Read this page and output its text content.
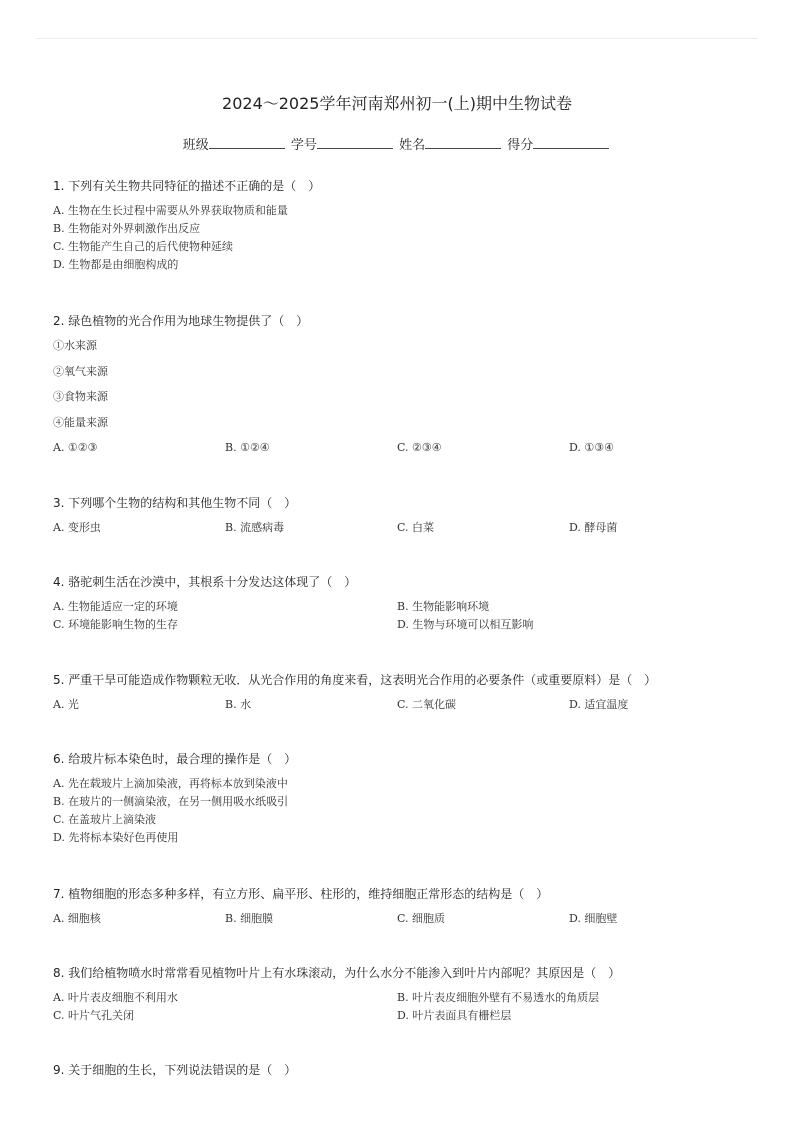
2024～2025学年河南郑州初一(上)期中生物试卷
班级	学号	姓名	得分
1. 下列有关生物共同特征的描述不正确的是（　）
A. 生物在生长过程中需要从外界获取物质和能量
B. 生物能对外界刺激作出反应
C. 生物能产生自己的后代使物种延续
D. 生物都是由细胞构成的
2. 绿色植物的光合作用为地球生物提供了（　）
①水来源
②氧气来源
③食物来源
④能量来源
A. ①②③	B. ①②④	C. ②③④	D. ①③④
3. 下列哪个生物的结构和其他生物不同（　）
A. 变形虫	B. 流感病毒	C. 白菜	D. 酵母菌
4. 骆驼刺生活在沙漠中，其根系十分发达这体现了（　）
A. 生物能适应一定的环境	B. 生物能影响环境
C. 环境能影响生物的生存	D. 生物与环境可以相互影响
5. 严重干旱可能造成作物颗粒无收．从光合作用的角度来看，这表明光合作用的必要条件（或重要原料）是（　）
A. 光	B. 水	C. 二氧化碳	D. 适宜温度
6. 给玻片标本染色时，最合理的操作是（　）
A. 先在载玻片上滴加染液，再将标本放到染液中
B. 在玻片的一侧滴染液，在另一侧用吸水纸吸引
C. 在盖玻片上滴染液
D. 先将标本染好色再使用
7. 植物细胞的形态多种多样，有立方形、扁平形、柱形的，维持细胞正常形态的结构是（　）
A. 细胞核	B. 细胞膜	C. 细胞质	D. 细胞壁
8. 我们给植物喷水时常常看见植物叶片上有水珠滚动，为什么水分不能渗入到叶片内部呢？其原因是（　）
A. 叶片表皮细胞不利用水	B. 叶片表皮细胞外壁有不易透水的角质层
C. 叶片气孔关闭	D. 叶片表面具有栅栏层
9. 关于细胞的生长，下列说法错误的是（　）
